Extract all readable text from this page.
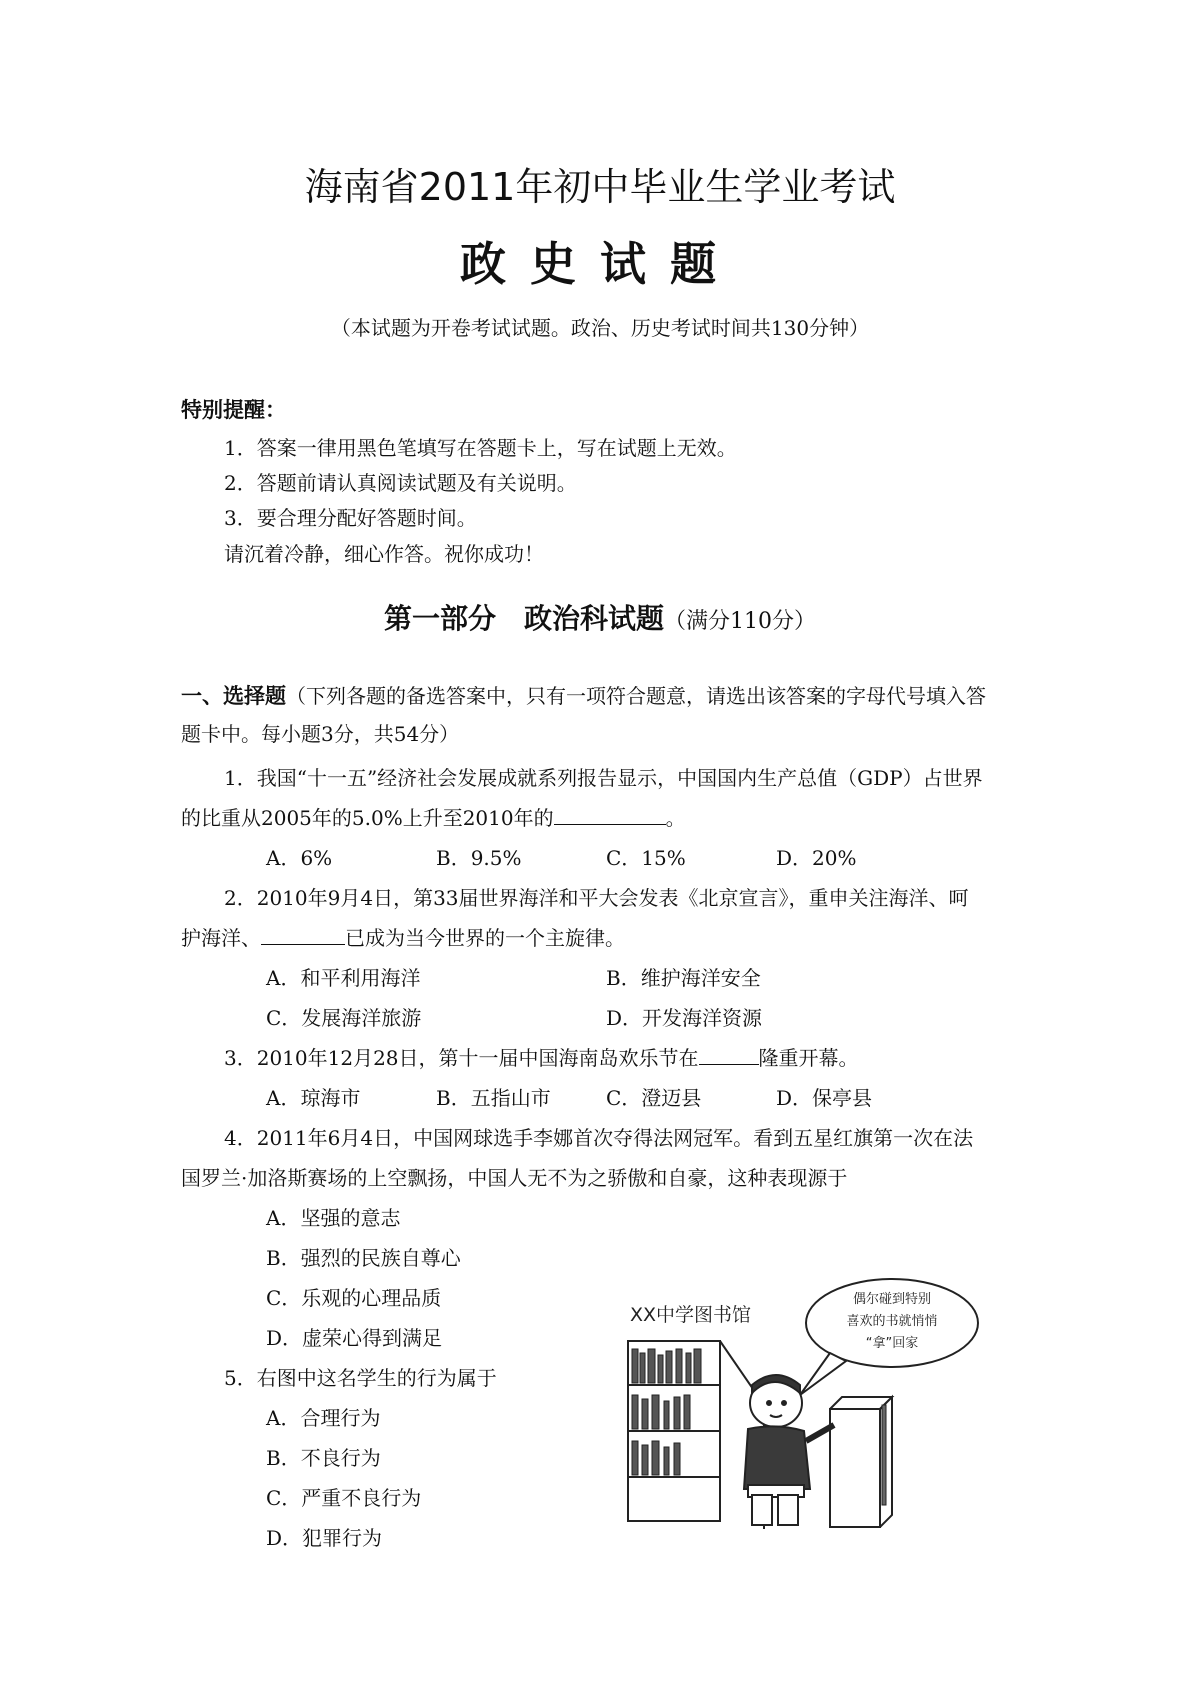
海南省2011年初中毕业生学业考试
政史试题
（本试题为开卷考试试题。政治、历史考试时间共130分钟）
特别提醒：
1．答案一律用黑色笔填写在答题卡上，写在试题上无效。
2．答题前请认真阅读试题及有关说明。
3．要合理分配好答题时间。
请沉着冷静，细心作答。祝你成功！
第一部分　政治科试题（满分110分）
一、选择题（下列各题的备选答案中，只有一项符合题意，请选出该答案的字母代号填入答
题卡中。每小题3分，共54分）
1．我国“十一五”经济社会发展成就系列报告显示，中国国内生产总值（GDP）占世界
的比重从2005年的5.0%上升至2010年的	。
A．6%	B．9.5%	C．15%	D．20%
2．2010年9月4日，第33届世界海洋和平大会发表《北京宣言》，重申关注海洋、呵
护海洋、	已成为当今世界的一个主旋律。
A．和平利用海洋	B．维护海洋安全
C．发展海洋旅游	D．开发海洋资源
3．2010年12月28日，第十一届中国海南岛欢乐节在	隆重开幕。
A．琼海市	B．五指山市	C．澄迈县	D．保亭县
4．2011年6月4日，中国网球选手李娜首次夺得法网冠军。看到五星红旗第一次在法
国罗兰·加洛斯赛场的上空飘扬，中国人无不为之骄傲和自豪，这种表现源于
A．坚强的意志
B．强烈的民族自尊心
C．乐观的心理品质
D．虚荣心得到满足
5．右图中这名学生的行为属于
A．合理行为
B．不良行为
C．严重不良行为
D．犯罪行为
XX中学图书馆
偶尔碰到特别
喜欢的书就悄悄
“拿”回家
